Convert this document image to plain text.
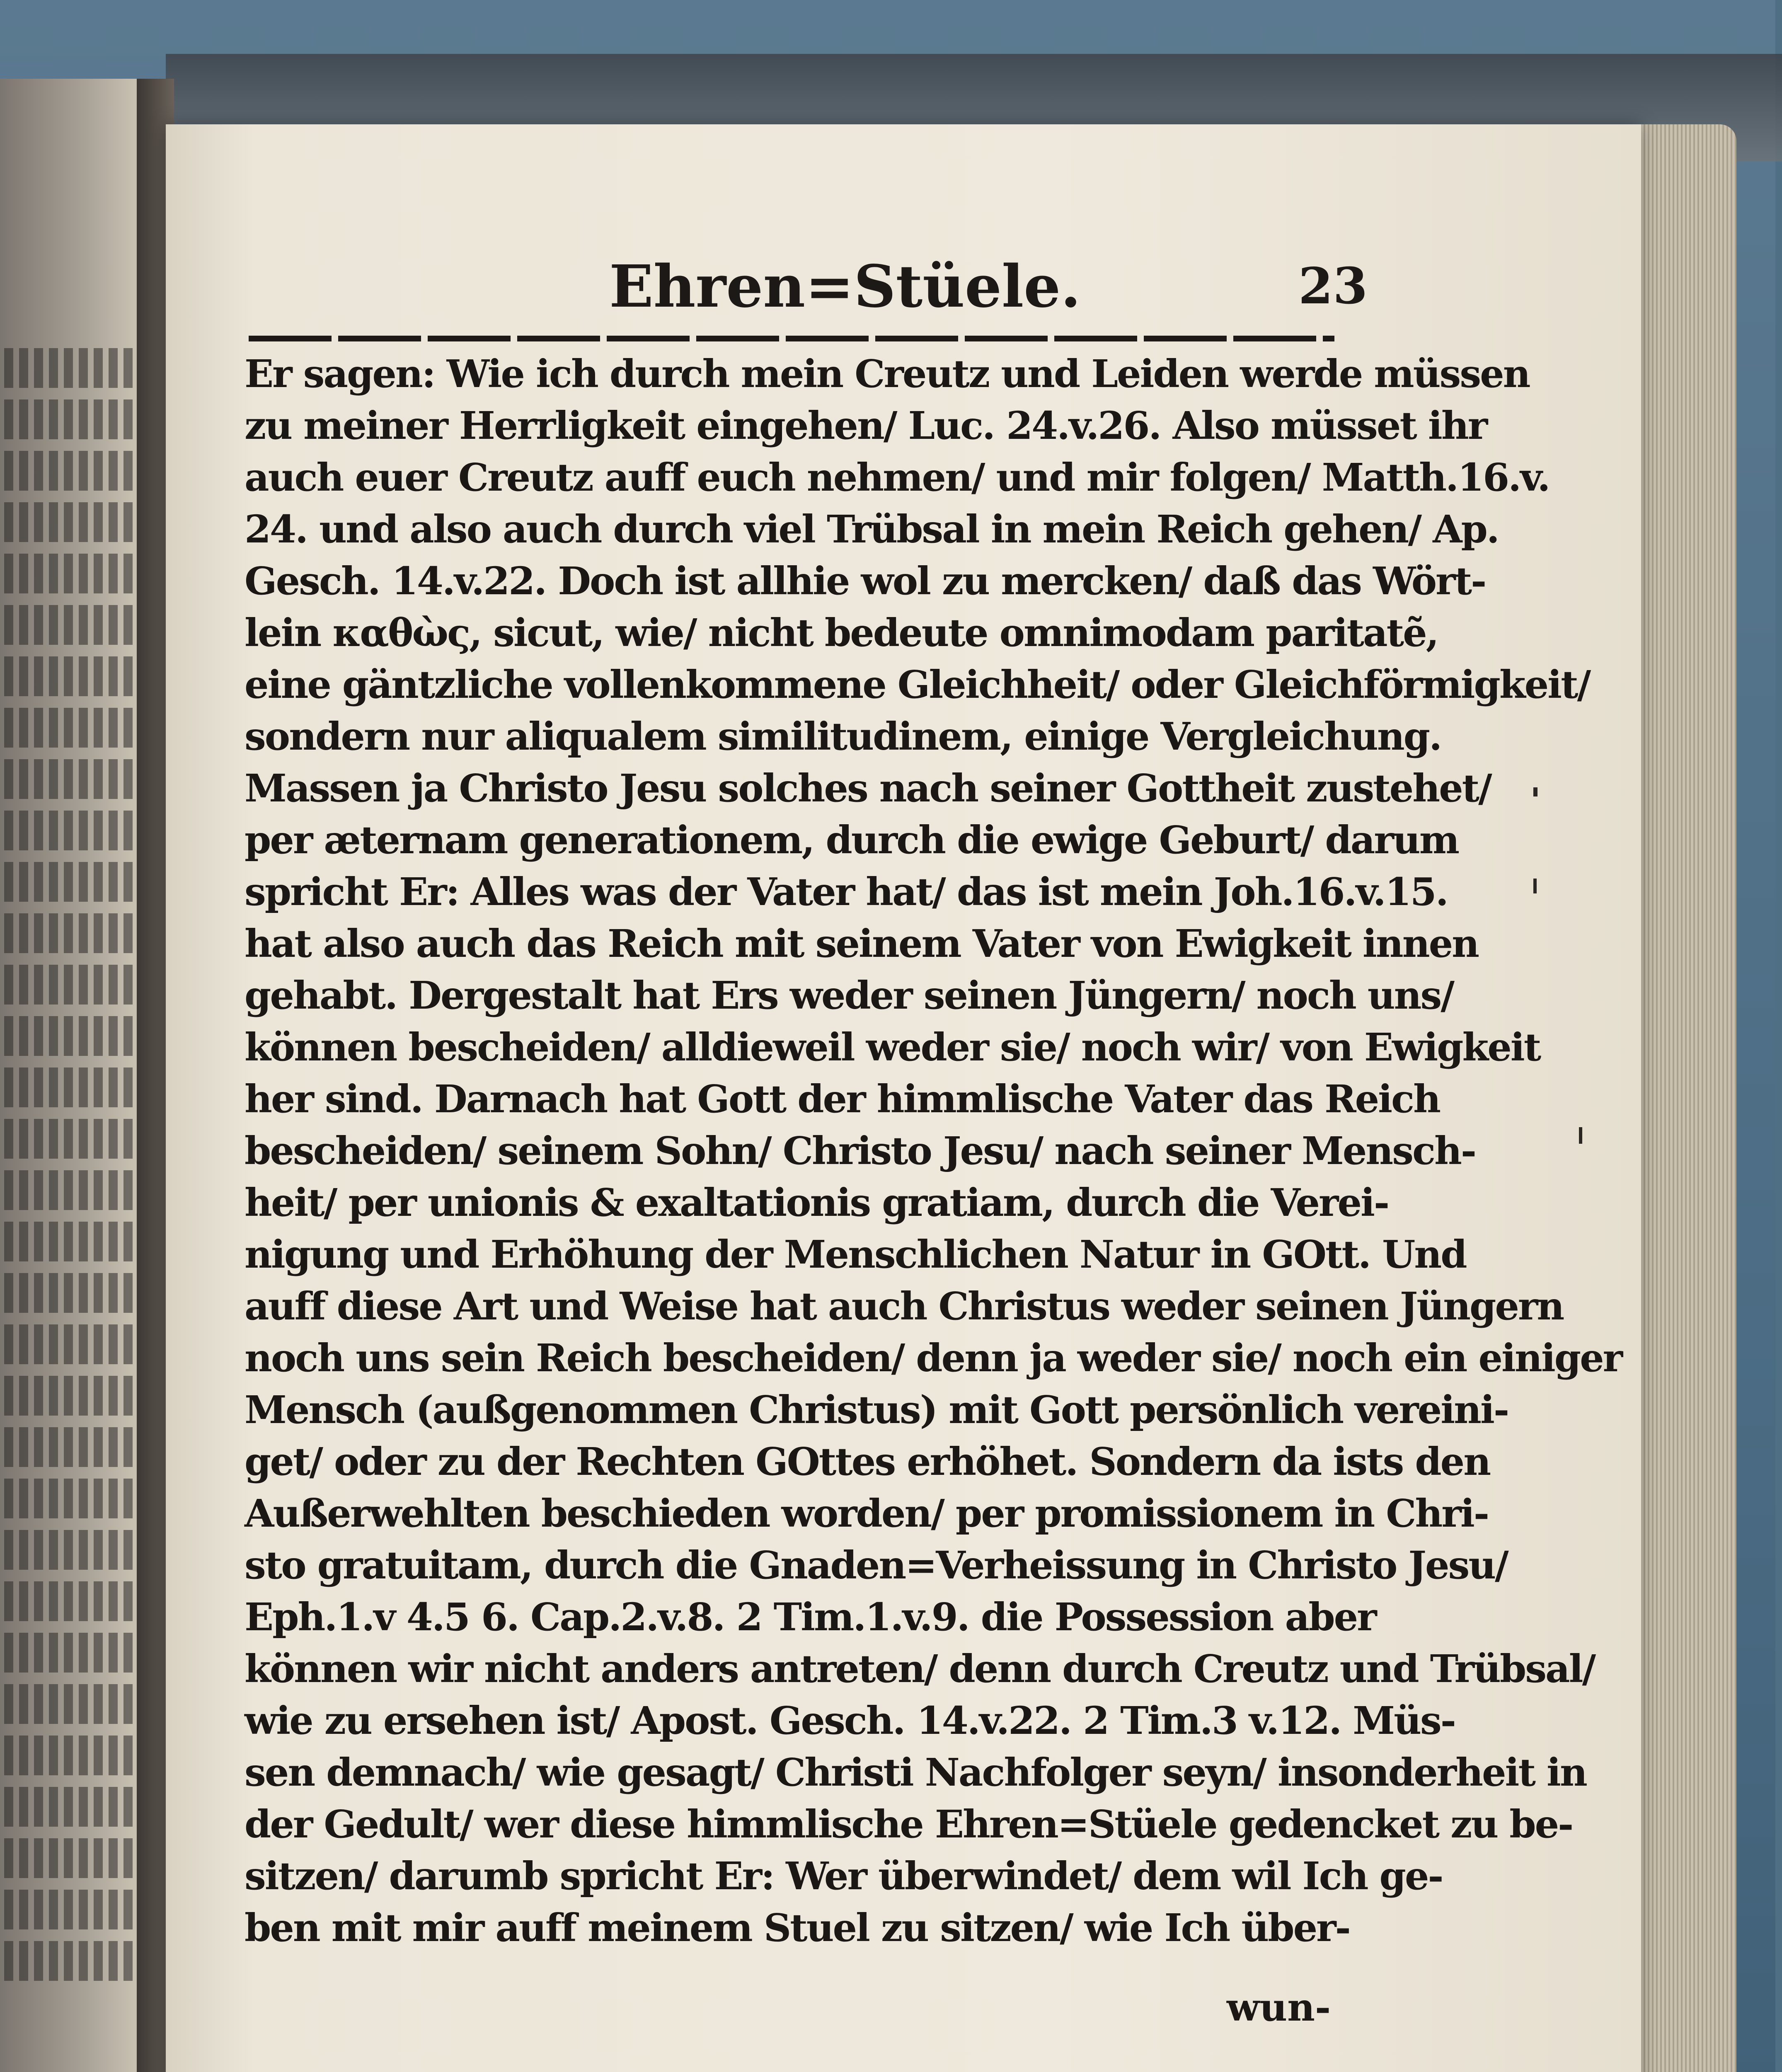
Ehren=Stüele.	23
Er sagen: Wie ich durch mein Creutz und Leiden werde müssen
zu meiner Herrligkeit eingehen/ Luc. 24.v.26. Also müsset ihr
auch euer Creutz auff euch nehmen/ und mir folgen/ Matth.16.v.
24. und also auch durch viel Trübsal in mein Reich gehen/ Ap.
Gesch. 14.v.22. Doch ist allhie wol zu mercken/ daß das Wört-
lein καθὼς, sicut, wie/ nicht bedeute omnimodam paritatẽ,
eine gäntzliche vollenkommene Gleichheit/ oder Gleichförmigkeit/
sondern nur aliqualem similitudinem, einige Vergleichung.
Massen ja Christo Jesu solches nach seiner Gottheit zustehet/
per æternam generationem, durch die ewige Geburt/ darum
spricht Er: Alles was der Vater hat/ das ist mein Joh.16.v.15.
hat also auch das Reich mit seinem Vater von Ewigkeit innen
gehabt. Dergestalt hat Ers weder seinen Jüngern/ noch uns/
können bescheiden/ alldieweil weder sie/ noch wir/ von Ewigkeit
her sind. Darnach hat Gott der himmlische Vater das Reich
bescheiden/ seinem Sohn/ Christo Jesu/ nach seiner Mensch-
heit/ per unionis & exaltationis gratiam, durch die Verei-
nigung und Erhöhung der Menschlichen Natur in GOtt. Und
auff diese Art und Weise hat auch Christus weder seinen Jüngern
noch uns sein Reich bescheiden/ denn ja weder sie/ noch ein einiger
Mensch (außgenommen Christus) mit Gott persönlich vereini-
get/ oder zu der Rechten GOttes erhöhet. Sondern da ists den
Außerwehlten beschieden worden/ per promissionem in Chri-
sto gratuitam, durch die Gnaden=Verheissung in Christo Jesu/
Eph.1.v 4.5 6. Cap.2.v.8. 2 Tim.1.v.9. die Possession aber
können wir nicht anders antreten/ denn durch Creutz und Trübsal/
wie zu ersehen ist/ Apost. Gesch. 14.v.22. 2 Tim.3 v.12. Müs-
sen demnach/ wie gesagt/ Christi Nachfolger seyn/ insonderheit in
der Gedult/ wer diese himmlische Ehren=Stüele gedencket zu be-
sitzen/ darumb spricht Er: Wer überwindet/ dem wil Ich ge-
ben mit mir auff meinem Stuel zu sitzen/ wie Ich über-
wun-
